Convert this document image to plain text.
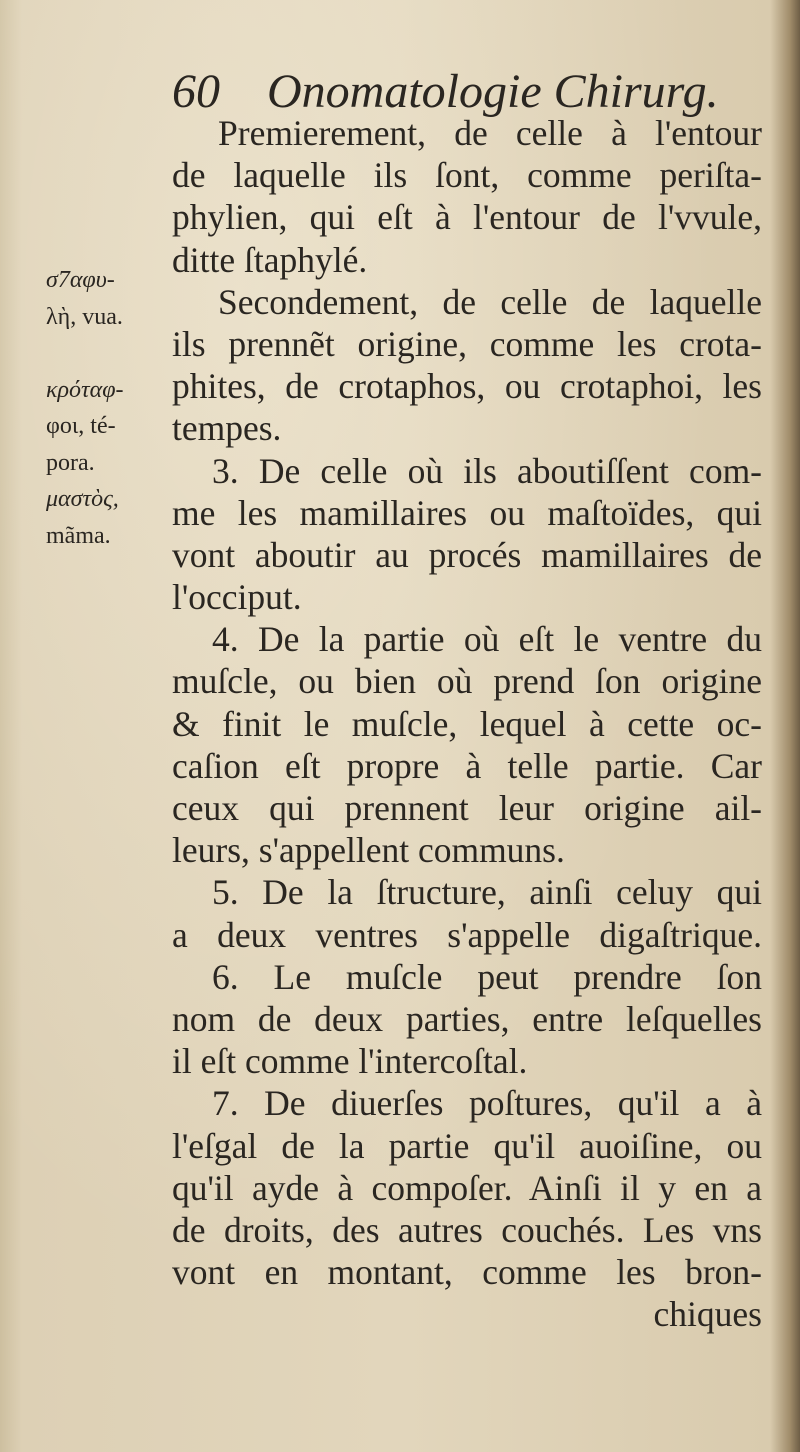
60 Onomatologie Chirurg.
σ7αφυ-
λὴ, vua.
κρόταφ-
φοι, té-
pora.
μαστὸς,
mãma.
Premierement, de celle à l'entour
de laquelle ils ſont, comme periſta-
phylien, qui eſt à l'entour de l'vvule,
ditte ſtaphylé.
Secondement, de celle de laquelle
ils prennẽt origine, comme les crota-
phites, de crotaphos, ou crotaphoi, les
tempes.
3. De celle où ils aboutiſſent com-
me les mamillaires ou maſtoïdes, qui
vont aboutir au procés mamillaires de
l'occiput.
4. De la partie où eſt le ventre du
muſcle, ou bien où prend ſon origine
& finit le muſcle, lequel à cette oc-
caſion eſt propre à telle partie. Car
ceux qui prennent leur origine ail-
leurs, s'appellent communs.
5. De la ſtructure, ainſi celuy qui
a deux ventres s'appelle digaſtrique.
6. Le muſcle peut prendre ſon
nom de deux parties, entre leſquelles
il eſt comme l'intercoſtal.
7. De diuerſes poſtures, qu'il a à
l'eſgal de la partie qu'il auoiſine, ou
qu'il ayde à compoſer. Ainſi il y en a
de droits, des autres couchés. Les vns
vont en montant, comme les bron-
chiques
